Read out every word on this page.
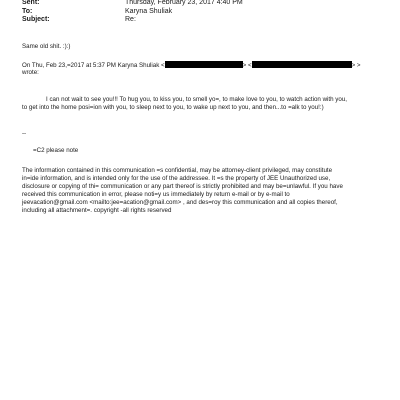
Sent:	Thursday, February 23, 2017 4:40 PM
To:	Karyna Shuliak
Subject:	Re:
Same old shit. :):)
On Thu, Feb 23,=2017 at 5:37 PM Karyna Shuliak <	> <	> >
wrote:
I can not wait to see you!!! To hug you, to kiss you, to smell yo=, to make love to you, to watch action with you,
to get into the home posi=ion with you, to sleep next to you, to wake up next to you, and then...to =alk to you!:)
--
=C2 please note
The information contained in this communication =s confidential, may be attorney-client privileged, may constitute
in=ide information, and is intended only for the use of the addressee. It =s the property of JEE Unauthorized use,
disclosure or copying of thi= communication or any part thereof is strictly prohibited and may be=unlawful. If you have
received this communication in error, please noti=y us immediately by return e-mail or by e-mail to
jeevacation@gmail.com <mailto:jee=acation@gmail.com> , and des=roy this communication and all copies thereof,
including all attachment=. copyright -all rights reserved
